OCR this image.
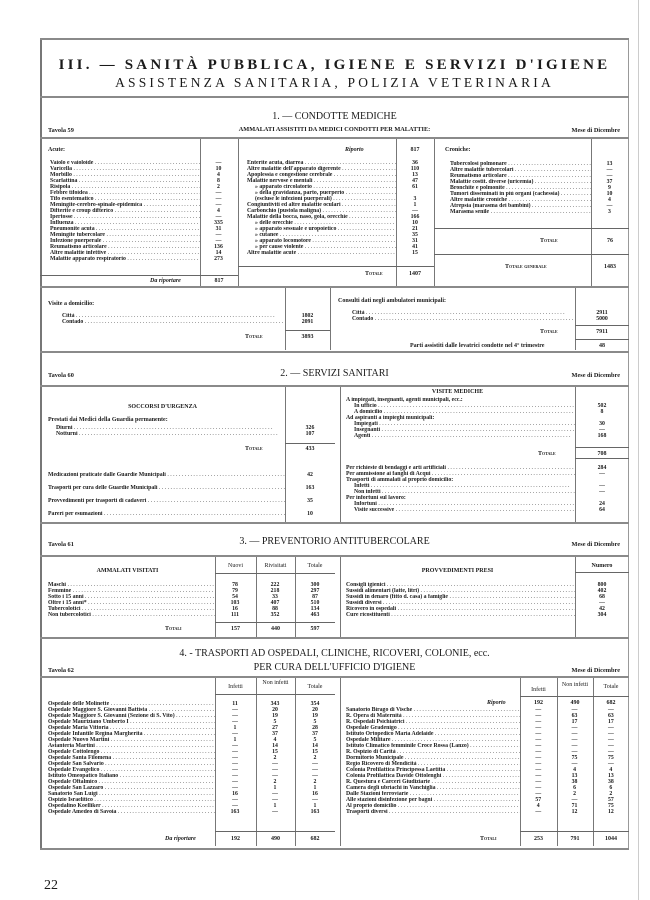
III. — SANITÀ PUBBLICA, IGIENE E SERVIZI D'IGIENE
ASSISTENZA SANITARIA, POLIZIA VETERINARIA
1. — CONDOTTE MEDICHE
AMMALATI ASSISTITI DA MEDICI CONDOTTI PER MALATTIE:
Tavola 59	Mese di Dicembre
Acute:
Vaiolo e vaioloide . . .	—
Varicella . . .	10
Morbillo . . .	4
Scarlattina . . .	8
Risipola . . .	2
Febbre tifoidea . . .	—
Tifo esentematico . . .	—
Meningite-cerebro-spinale-epidemica . . .	—
Difterite e croup difterico . . .	4
Ipertosse . . .	—
Influenza . . .	335
Pneumonite acuta . . .	31
Meningite tubercolare . . .	—
Infezione puerperale . . .	—
Reumatismo articolare . . .	136
Altre malattie infettive . . .	14
Malattie apparato respiratorio . . .	273
Da riportare	817
Riporto	817
Enterite acuta, diarrea . . .	36
Altre malattie dell'apparato digerente . . .	110
Apoplessia e congestione cerebrale . . .	13
Malattie nervose e mentali . . .	47
» apparato circolatorio . . .	61
» della gravidanza, parto, puerperio . . .
(escluse le infezioni puerperali) . . .	3
Congiuntiviti ed altre malattie oculari . . .	1
Carbonchio (pustola maligna) . . .	—
Malattie della bocca, naso, gola, orecchie . . .	166
» delle orecchie . . .	10
» apparato sessuale e uropoietico . . .	21
» cutanee . . .	35
» apparato locomotore . . .	31
» per cause violente . . .	41
Altre malattie acute . . .	15
Totale	1407
Croniche:
Tubercolosi polmonare . . .	13
Altre malattie tubercolari . . .	—
Reumatismo articolare . . .	—
Malattie costit. diverse (uricemia) . . .	37
Bronchite e polmonite . . .	9
Tumori disseminati in più organi (cachessia) . . .	10
Altre malattie croniche . . .	4
Atrepsia (marasma dei bambini) . . .	—
Marasma senile . . .	3
Totale	76
Totale generale	1483
Visite a domicilio:
Città . . .	1802
Contado . . .	2091
Totale	3893
Consulti dati negli ambulatori municipali:
Città . . .	2911
Contado . . .	5000
Totale	7911
Parti assistiti dalle levatrici condotte nel 4° trimestre	48
Tavola 60	2. — SERVIZI SANITARI	Mese di Dicembre
SOCCORSI D'URGENZA
Prestati dai Medici della Guardia permanente:
Diurni . . .	326
Notturni . . .	107
Totale	433
Medicazioni praticate dalle Guardie Municipali . . .	42
Trasporti per cura delle Guardie Municipali . . .	163
Provvedimenti per trasporti di cadaveri . . .	35
Pareri per esumazioni . . .	10
VISITE MEDICHE
A impiegati, insegnanti, agenti municipali, ecc.:
In ufficio . . .	502
A domicilio . . .	8
Ad aspiranti a impieghi municipali:
Impiegati . . .	30
Insegnanti . . .	—
Agenti . . .	168
Totale	708
Per richieste di bendaggi e arti artificiali . . .	284
Per ammissione ai fanghi di Acqui . . .	—
Trasporti di ammalati al proprio domicilio:
Infetti . . .	—
Non infetti . . .	—
Per infortuni sul lavoro:
Infortuni . . .	24
Visite successive . . .	64
Tavola 61	3. — PREVENTORIO ANTITUBERCOLARE	Mese di Dicembre
AMMALATI VISITATI
Nuovi	Rivisitati	Totale
Maschi . . .	78	222	300
Femmine . . .	79	218	297
Sotto i 15 anni . . .	54	33	87
Oltre i 15 anni* . . .	103	407	510
Tubercolotici . . .	16	88	134
Non tubercolotici . . .	111	352	463
Totali	157	440	597
PROVVEDIMENTI PRESI
Numero
Consigli igienici . . .	800
Sussidi alimentari (latte, litri) . . .	402
Sussidi in denaro (fitto d. casa) a famiglie . . .	68
Sussidi diversi . . .	—
Ricovero in ospedali . . .	42
Cure ricostituenti . . .	304
4. - TRASPORTI AD OSPEDALI, CLINICHE, RICOVERI, COLONIE, ecc.
PER CURA DELL'UFFICIO D'IGIENE
Tavola 62	Mese di Dicembre
Infetti
Non infetti
Totale	Infetti
Non infetti	Totale
Ospedale delle Molinette . . .	11	343	354
Ospedale Maggiore S. Giovanni Battista . . .	—	20	20
Ospedale Maggiore S. Giovanni (Sezione di S. Vito) . . .	—	19	19
Ospedale Mauriziano Umberto I . . .	—	5	5
Ospedale Maria Vittoria . . .	1	27	28
Ospedale Infantile Regina Margherita . . .	—	37	37
Ospedale Nuovo Martini . . .	1	4	5
Astanteria Martini . . .	—	14	14
Ospedale Cottolengo . . .	—	15	15
Ospedale Santa Filomena . . .	—	2	2
Ospedale San Salvario . . .	—	—	—
Ospedale Evangelico . . .	—	—	—
Istituto Omeopatico Italiano . . .	—	—	—
Ospedale Oftalmico . . .	—	2	2
Ospedale San Lazzaro . . .	—	1	1
Sanatorio San Luigi . . .	16	—	16
Ospizio Israelitico . . .	—	—	—
Ospedalino Koelliker . . .	—	1	1
Ospedale Amedeo di Savoia . . .	163	—	163
Da riportare	192	490	682
Riporto	192	490	682
Sanatorio Birago di Vische . . .	—	—	—
R. Opera di Maternità . . .	—	63	63
R. Ospedali Psichiatrici . . .	—	17	17
Ospedale Gradenigo . . .	—	—	—
Istituto Ortopedico Maria Adelaide . . .	—	—	—
Ospedale Militare . . .	—	—	—
Istituto Climatico femminile Croce Rossa (Lanzo) . . .	—	—	—
R. Ospizio di Carità . . .	—	—	—
Dormitorio Municipale . . .	—	75	75
Regio Ricovero di Mendicità . . .	—	—	—
Colonia Profilattica Principessa Laetitia . . .	—	4	4
Colonia Profilattica Davide Ottolenghi . . .	—	13	13
R. Questura e Carceri Giudiziarie . . .	—	38	38
Camera degli ubriachi in Vanchiglia . . .	—	6	6
Dalle Stazioni ferroviarie . . .	—	2	2
Alle stazioni disinfezione per bagni . . .	57	—	57
Al proprio domicilio . . .	4	71	75
Trasporti diversi . . .	—	12	12
Totali	253	791	1044
22
